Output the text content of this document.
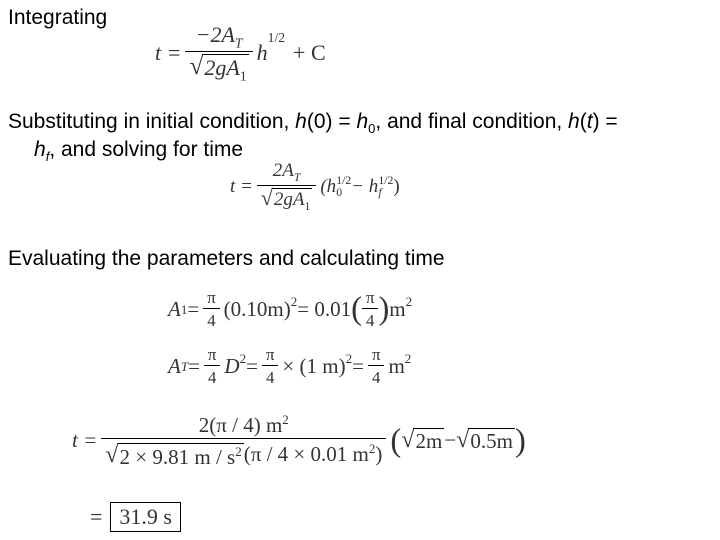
Integrating
Substituting in initial condition, $h(0) = h_0$, and final condition, h(t) =
$h_f$, and solving for time
Evaluating the parameters and calculating time
$t = \frac{-2A_T}{√ 2gA_1}$ h
$^{1/2}$
+ C
$t = \frac{2A_T}{√ 2gA_1} (h$ 1/2
0 − h 1/2
f )
A $1 = \frac{\pi}{4} (0.10m)^2 = 0.01$ ( $\frac{\pi}{4}$ ) $m^2$
A $T = \frac{\pi}{4} D^2 = \frac{\pi}{4} \times (1$ $m)^2 = \frac{\pi}{4} m^2$
$t = \frac{2(\pi / 4) m^2}{√ 2 \times 9.81 m / s^2 (\pi / 4 \times 0.01 m^2)}$ ( √ 2m − √ 0.5m )
= 31.9 s
